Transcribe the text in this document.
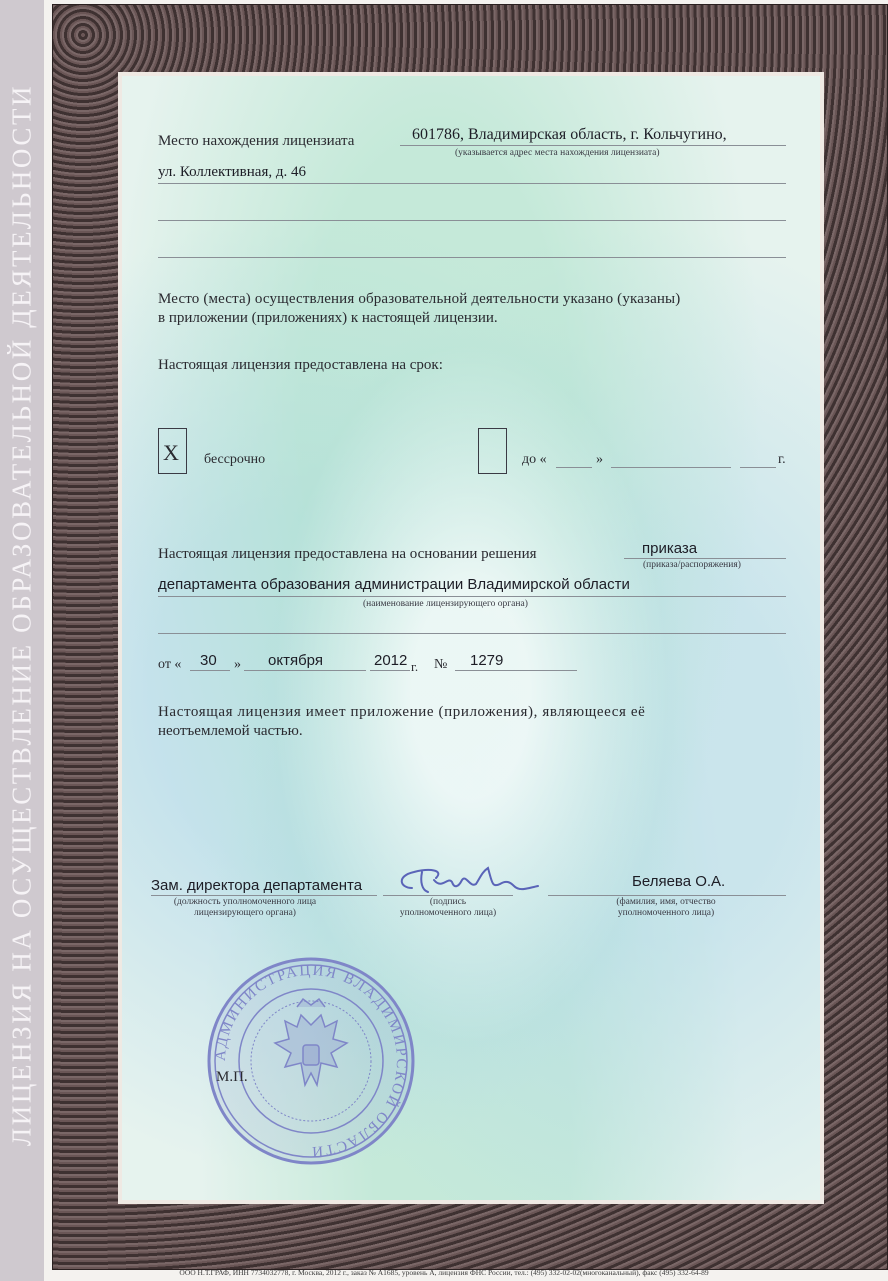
ЛИЦЕНЗИЯ НА ОСУЩЕСТВЛЕНИЕ ОБРАЗОВАТЕЛЬНОЙ ДЕЯТЕЛЬНОСТИ	Место нахождения лицензиата	601786, Владимирская область, г. Кольчугино,
(указывается адрес места нахождения лицензиата)
ул. Коллективная, д. 46
Место (места) осуществления образовательной деятельности указано (указаны)
в приложении (приложениях) к настоящей лицензии.
Настоящая лицензия предоставлена на срок:
X бессрочно	до «	»	г.
Настоящая лицензия предоставлена на основании решения	приказа
(приказа/распоряжения)
департамента образования администрации Владимирской области
(наименование лицензирующего органа)
от « 30 » октября	2012 г. № 1279
Настоящая лицензия имеет приложение (приложения), являющееся её
неотъемлемой частью.
Зам. директора департамента
(должность уполномоченного лица
лицензирующего органа)
(подпись
уполномоченного лица)
Беляева О.А.
(фамилия, имя, отчество
уполномоченного лица)
АДМИНИСТРАЦИЯ ВЛАДИМИРСКОЙ ОБЛАСТИ
М.П.
ООО Н.Т.ГРАФ, ИНН 7734032778, г. Москва, 2012 г., заказ № А1685, уровень А, лицензия ФНС России, тел.: (495) 332-02-02(многоканальный), факс (495) 332-64-89
